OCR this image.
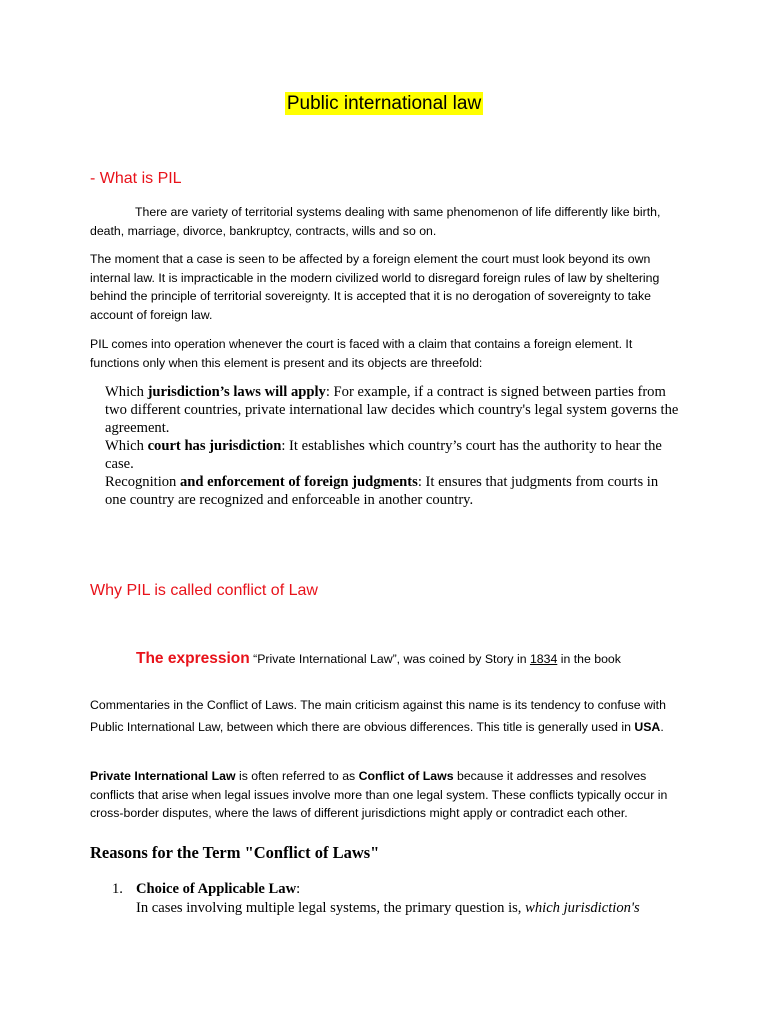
Public international law
- What is PIL
There are variety of territorial systems dealing with same phenomenon of life differently like birth, death, marriage, divorce, bankruptcy, contracts, wills and so on.
The moment that a case is seen to be affected by a foreign element the court must look beyond its own internal law. It is impracticable in the modern civilized world to disregard foreign rules of law by sheltering behind the principle of territorial sovereignty. It is accepted that it is no derogation of sovereignty to take account of foreign law.
PIL comes into operation whenever the court is faced with a claim that contains a foreign element. It functions only when this element is present and its objects are threefold:
Which jurisdiction’s laws will apply: For example, if a contract is signed between parties from two different countries, private international law decides which country's legal system governs the agreement.
Which court has jurisdiction: It establishes which country’s court has the authority to hear the case.
Recognition and enforcement of foreign judgments: It ensures that judgments from courts in one country are recognized and enforceable in another country.
Why PIL is called conflict of Law
The expression “Private International Law”, was coined by Story in 1834 in the book
Commentaries in the Conflict of Laws. The main criticism against this name is its tendency to confuse with Public International Law, between which there are obvious differences. This title is generally used in USA.
Private International Law is often referred to as Conflict of Laws because it addresses and resolves conflicts that arise when legal issues involve more than one legal system. These conflicts typically occur in cross-border disputes, where the laws of different jurisdictions might apply or contradict each other.
Reasons for the Term "Conflict of Laws"
1. Choice of Applicable Law:
In cases involving multiple legal systems, the primary question is, which jurisdiction's
